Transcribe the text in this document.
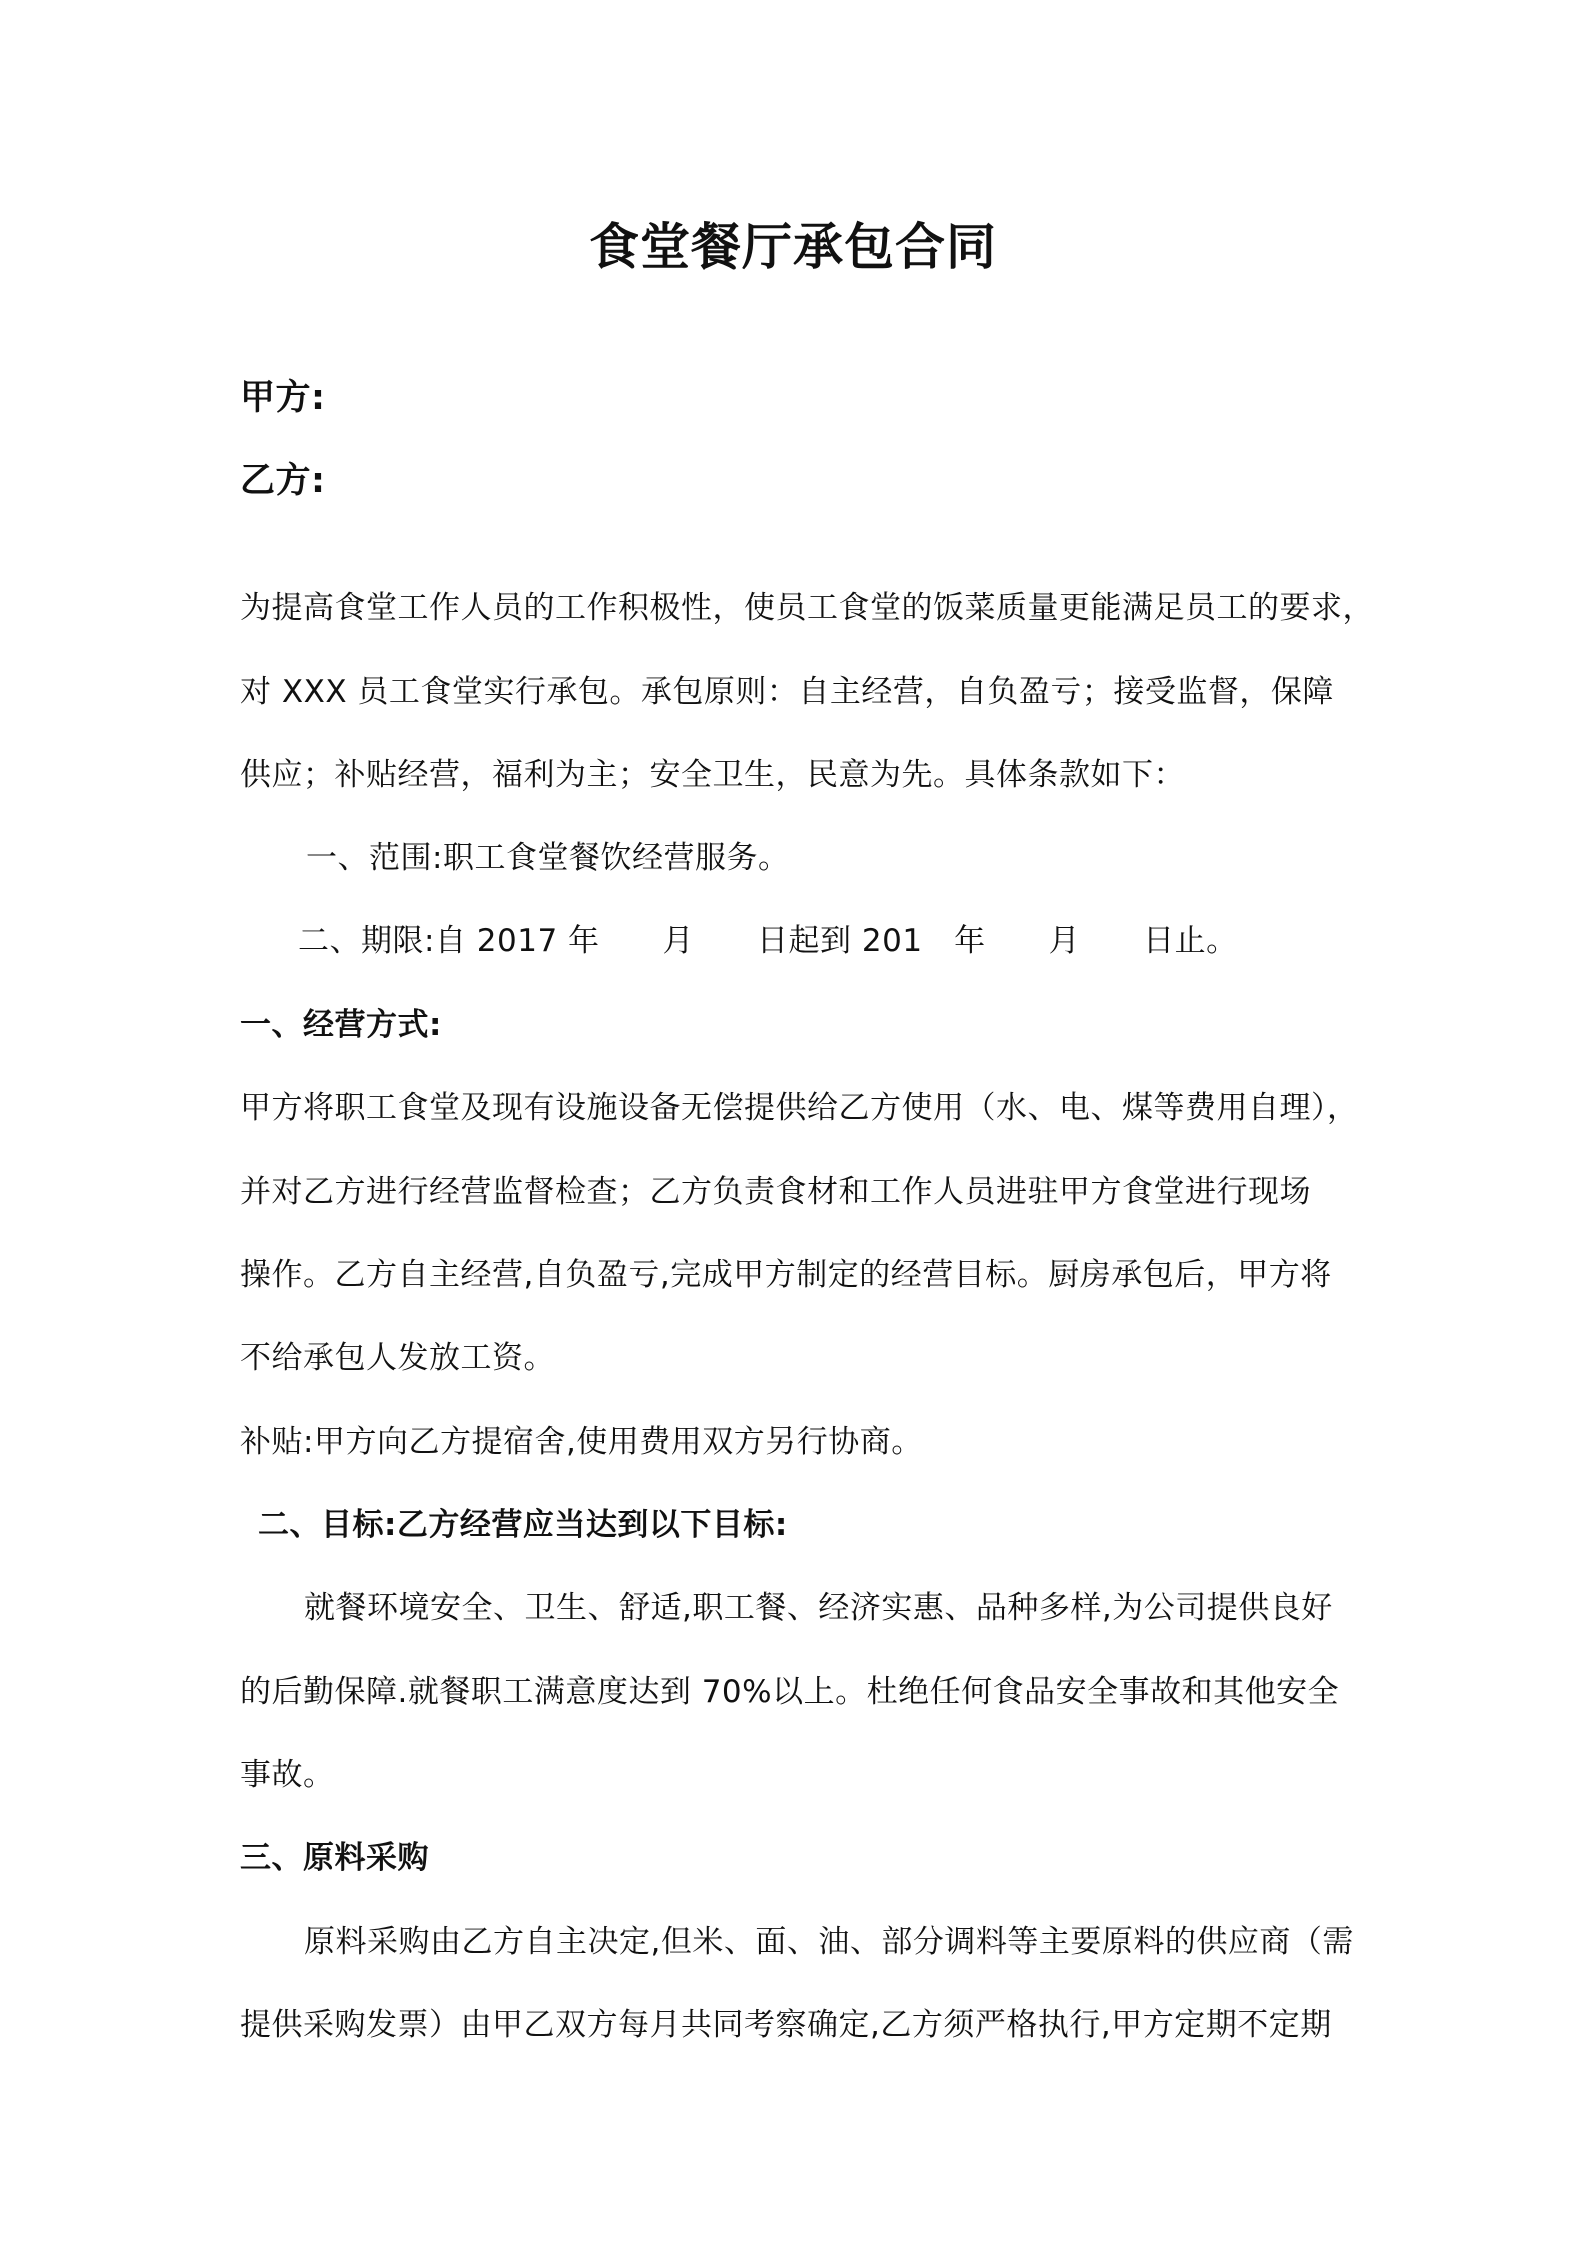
食堂餐厅承包合同
甲方:
乙方:
为提高食堂工作人员的工作积极性，使员工食堂的饭菜质量更能满足员工的要求，
对 XXX 员工食堂实行承包。承包原则：自主经营，自负盈亏；接受监督，保障
供应；补贴经营，福利为主；安全卫生，民意为先。具体条款如下：
一、范围:职工食堂餐饮经营服务。
二、期限:自 2017 年　　月　　日起到 201　年　　月　　日止。
一、经营方式:
甲方将职工食堂及现有设施设备无偿提供给乙方使用（水、电、煤等费用自理），
并对乙方进行经营监督检查；乙方负责食材和工作人员进驻甲方食堂进行现场
操作。乙方自主经营,自负盈亏,完成甲方制定的经营目标。厨房承包后，甲方将
不给承包人发放工资。
补贴:甲方向乙方提宿舍,使用费用双方另行协商。
二、目标:乙方经营应当达到以下目标:
就餐环境安全、卫生、舒适,职工餐、经济实惠、品种多样,为公司提供良好
的后勤保障.就餐职工满意度达到 70%以上。杜绝任何食品安全事故和其他安全
事故。
三、原料采购
原料采购由乙方自主决定,但米、面、油、部分调料等主要原料的供应商（需
提供采购发票）由甲乙双方每月共同考察确定,乙方须严格执行,甲方定期不定期
